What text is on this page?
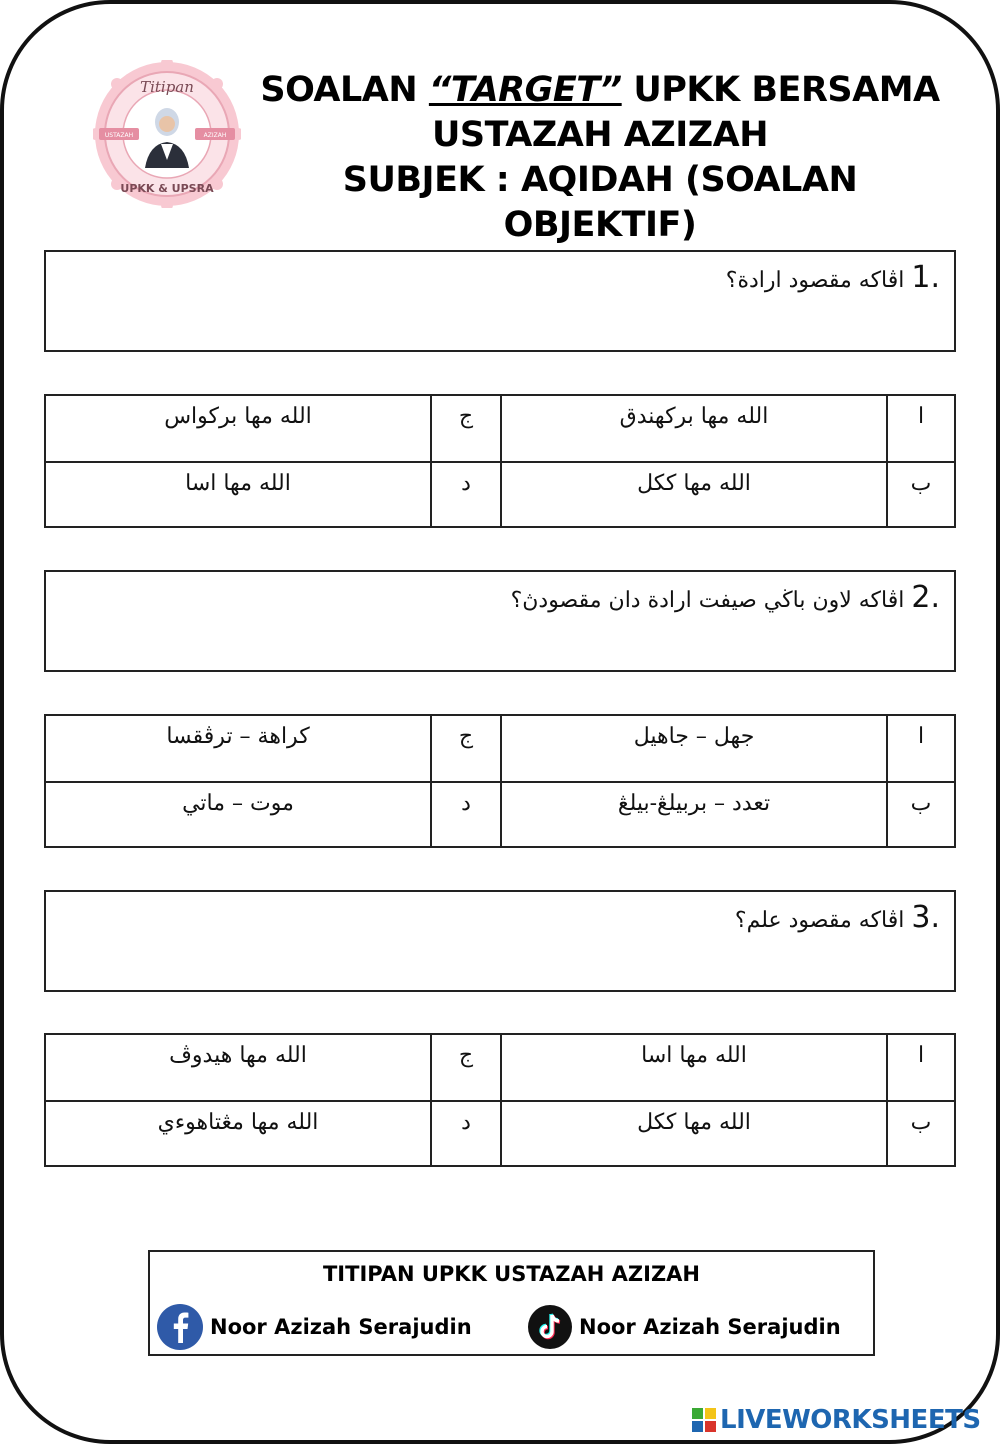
Titipan
USTAZAH	AZIZAH
UPKK & UPSRA
SOALAN “TARGET” UPKK BERSAMA
USTAZAH AZIZAH
SUBJEK : AQIDAH (SOALAN OBJEKTIF)
1. اڤاكه مقصود ارادة؟
ا
الله مها بركهندق
ج
الله مها بركواس
ب
الله مها ككل
د
الله مها اسا
2. اڤاكه لاون باڬي صيفت ارادة دان مقصودڽ؟
ا
جهل – جاهيل
ج
كراهة – ترڤقسا
ب
تعدد – بربيلڠ-بيلڠ
د
موت – ماتي
3. اڤاكه مقصود علم؟
ا
الله مها اسا
ج
الله مها هيدوڤ
ب
الله مها ككل
د
الله مها مڠتاهوءي
TITIPAN UPKK USTAZAH AZIZAH
Noor Azizah Serajudin	Noor Azizah Serajudin
LIVEWORKSHEETS
